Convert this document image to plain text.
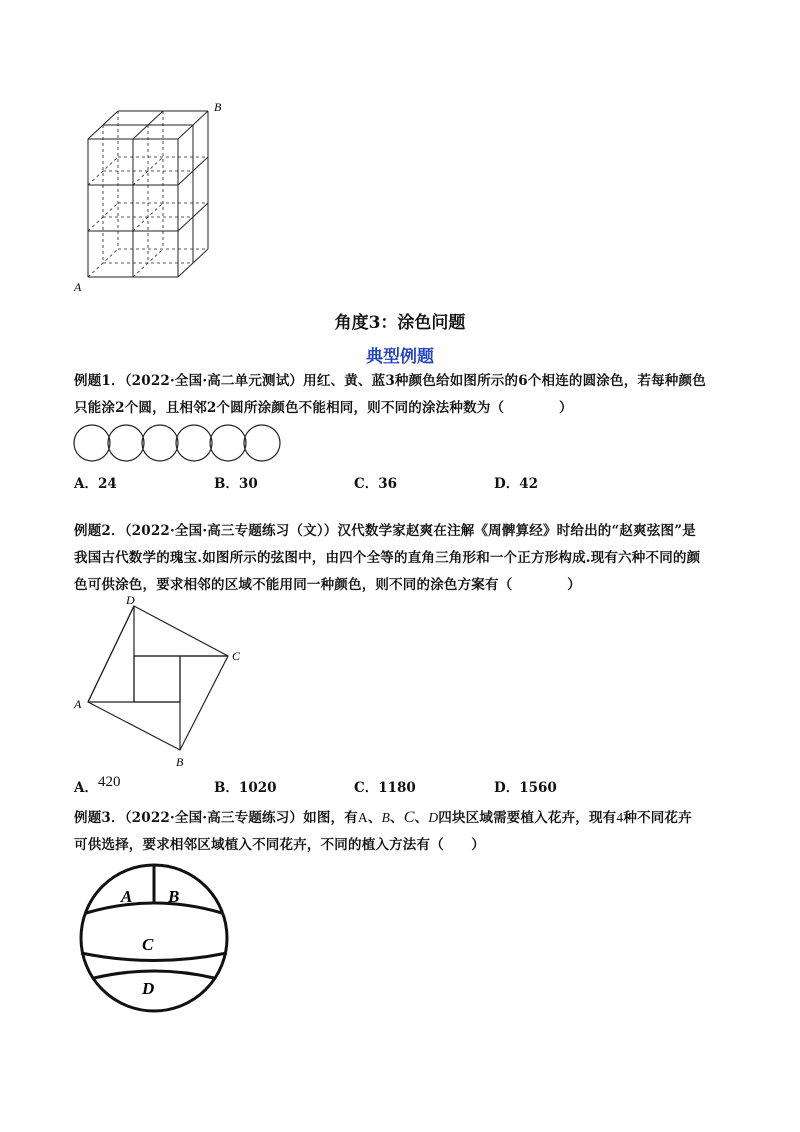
B
A
角度3：涂色问题
典型例题
例题1．（2022·全国·高二单元测试）用红、黄、蓝3种颜色给如图所示的6个相连的圆涂色，若每种颜色
只能涂2个圆，且相邻2个圆所涂颜色不能相同，则不同的涂法种数为（　　　　）
A．24	B．30	C．36	D．42
例题2．（2022·全国·高三专题练习（文））汉代数学家赵爽在注解《周髀算经》时给出的“赵爽弦图”是
我国古代数学的瑰宝.如图所示的弦图中，由四个全等的直角三角形和一个正方形构成.现有六种不同的颜
色可供涂色，要求相邻的区域不能用同一种颜色，则不同的涂色方案有（　　　　）
D
C
A
B
A．420	B．1020	C．1180	D．1560
例题3．（2022·全国·高三专题练习）如图，有A、B、C、D四块区域需要植入花卉，现有4种不同花卉
可供选择，要求相邻区域植入不同花卉，不同的植入方法有（　　）
A B
C
D
